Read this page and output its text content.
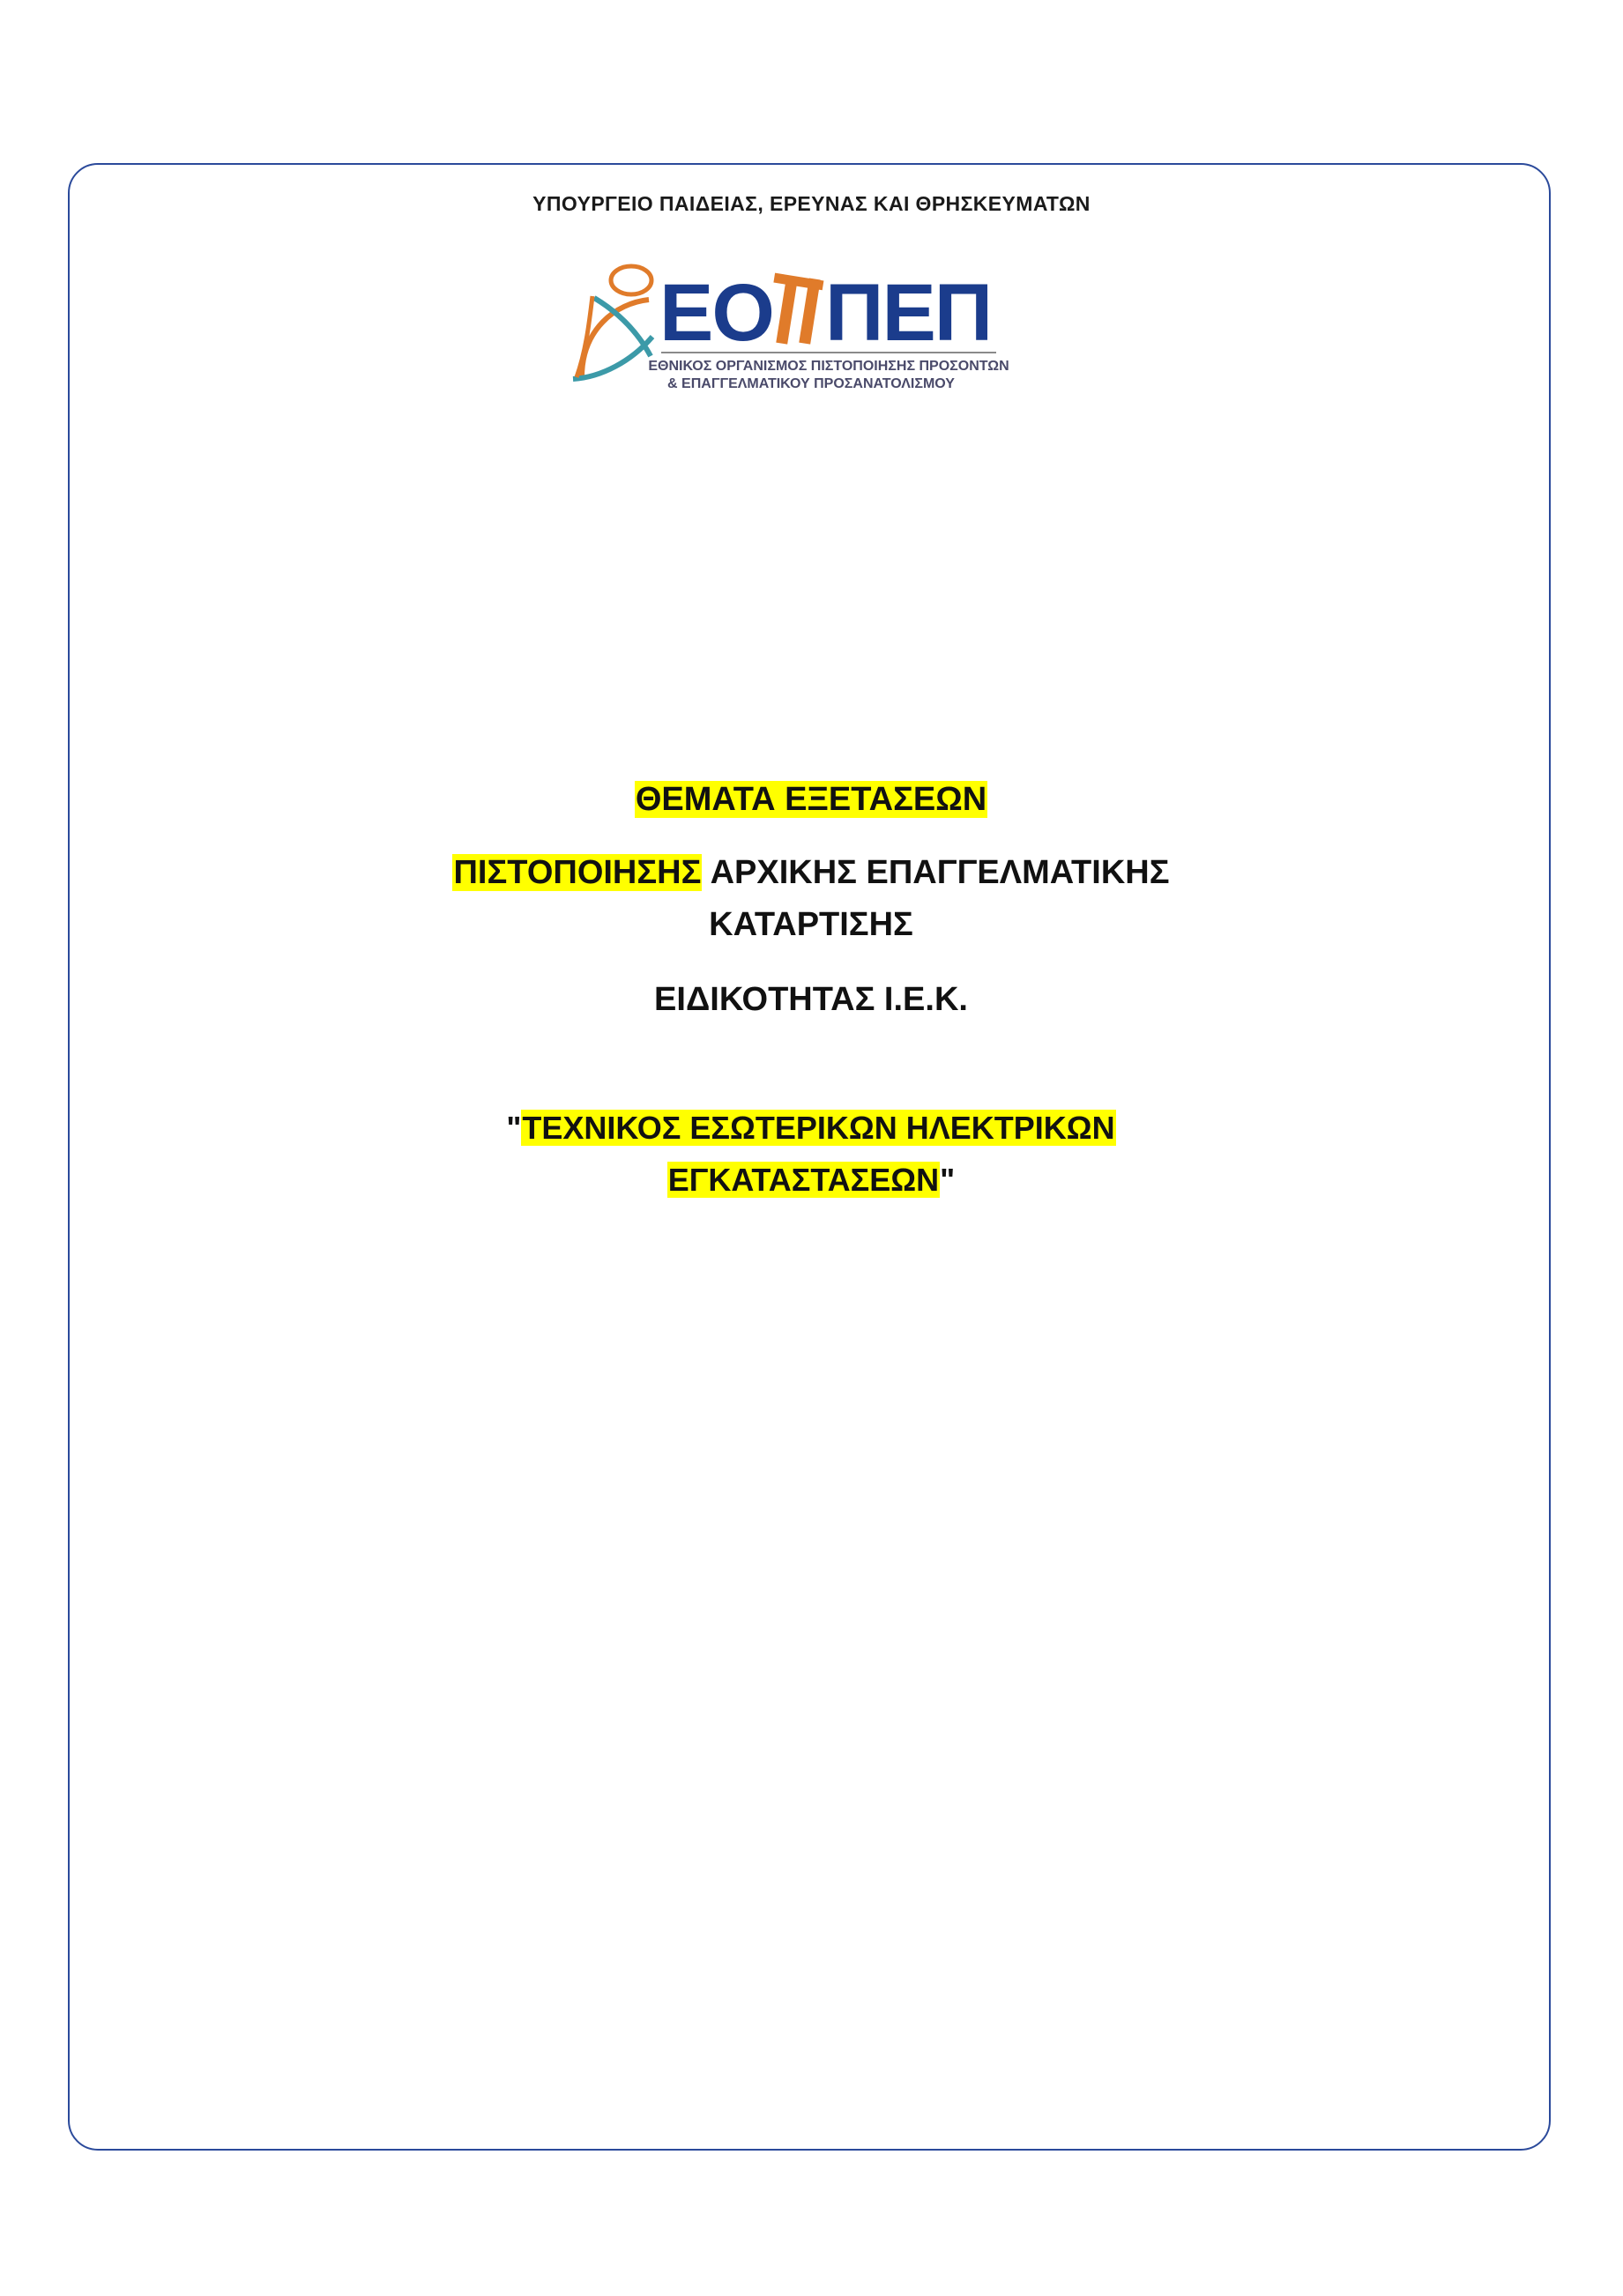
ΥΠΟΥΡΓΕΙΟ ΠΑΙΔΕΙΑΣ, ΕΡΕΥΝΑΣ ΚΑΙ ΘΡΗΣΚΕΥΜΑΤΩΝ
ΕΟ ΠΕΠ
ΕΘΝΙΚΟΣ ΟΡΓΑΝΙΣΜΟΣ ΠΙΣΤΟΠΟΙΗΣΗΣ ΠΡΟΣΟΝΤΩΝ
& ΕΠΑΓΓΕΛΜΑΤΙΚΟΥ ΠΡΟΣΑΝΑΤΟΛΙΣΜΟΥ
ΘΕΜΑΤΑ ΕΞΕΤΑΣΕΩΝ
ΠΙΣΤΟΠΟΙΗΣΗΣ ΑΡΧΙΚΗΣ ΕΠΑΓΓΕΛΜΑΤΙΚΗΣ
ΚΑΤΑΡΤΙΣΗΣ
ΕΙΔΙΚΟΤΗΤΑΣ Ι.Ε.Κ.
"ΤΕΧΝΙΚΟΣ ΕΣΩΤΕΡΙΚΩΝ ΗΛΕΚΤΡΙΚΩΝ
ΕΓΚΑΤΑΣΤΑΣΕΩΝ"
